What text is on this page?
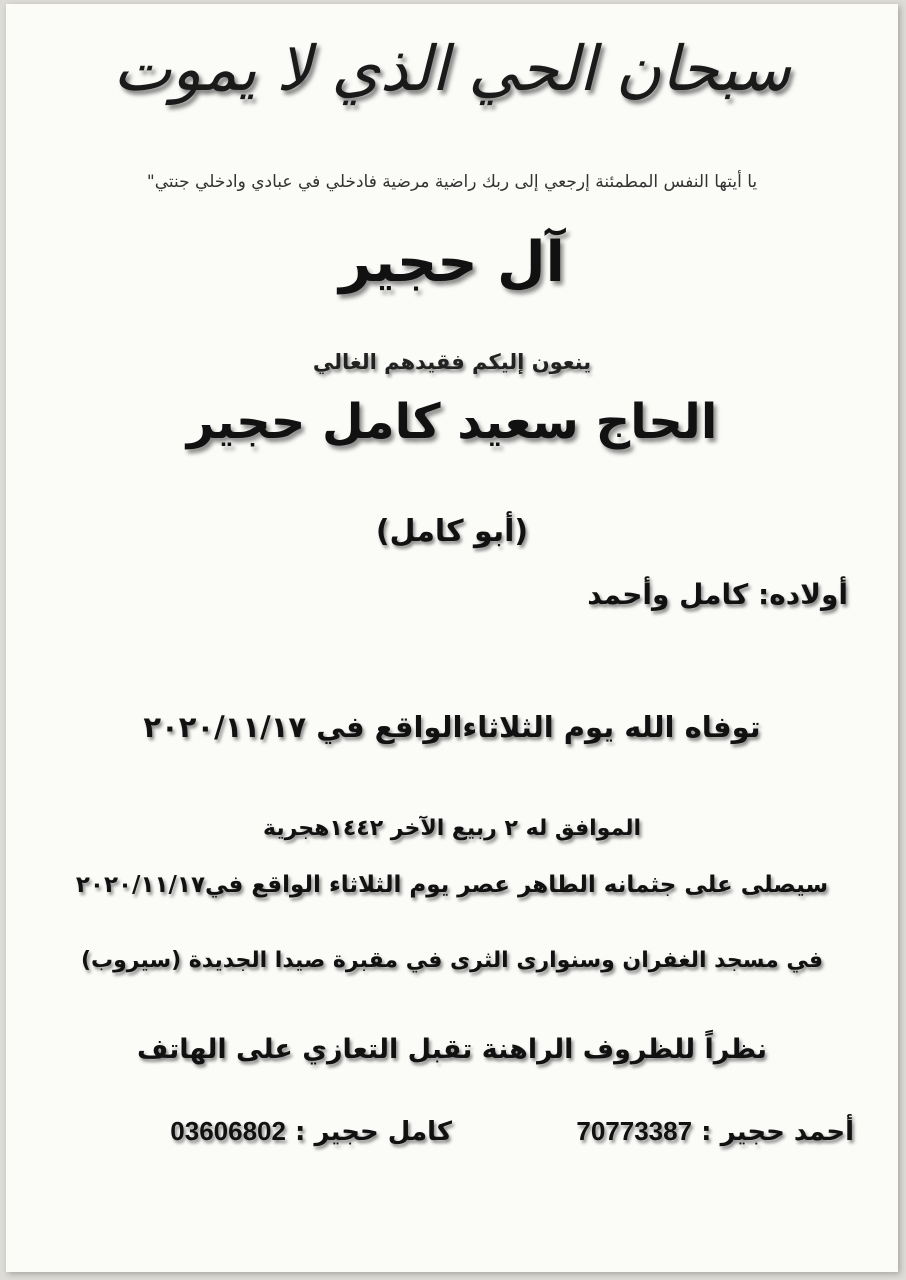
سبحان الحي الذي لا يموت
يا أيتها النفس المطمئنة إرجعي إلى ربك راضية مرضية فادخلي في عبادي وادخلي جنتي"
آل حجير
ينعون إليكم فقيدهم الغالي
الحاج سعيد كامل حجير
(أبو كامل)
أولاده: كامل وأحمد
توفاه الله يوم الثلاثاءالواقع في ٢٠٢٠/١١/١٧
الموافق له ٢ ربيع الآخر ١٤٤٢هجرية
سيصلى على جثمانه الطاهر عصر يوم الثلاثاء الواقع في٢٠٢٠/١١/١٧
في مسجد الغفران وسنوارى الثرى في مقبرة صيدا الجديدة (سيروب)
نظراً للظروف الراهنة تقبل التعازي على الهاتف
أحمد حجير : 70773387
كامل حجير : 03606802
